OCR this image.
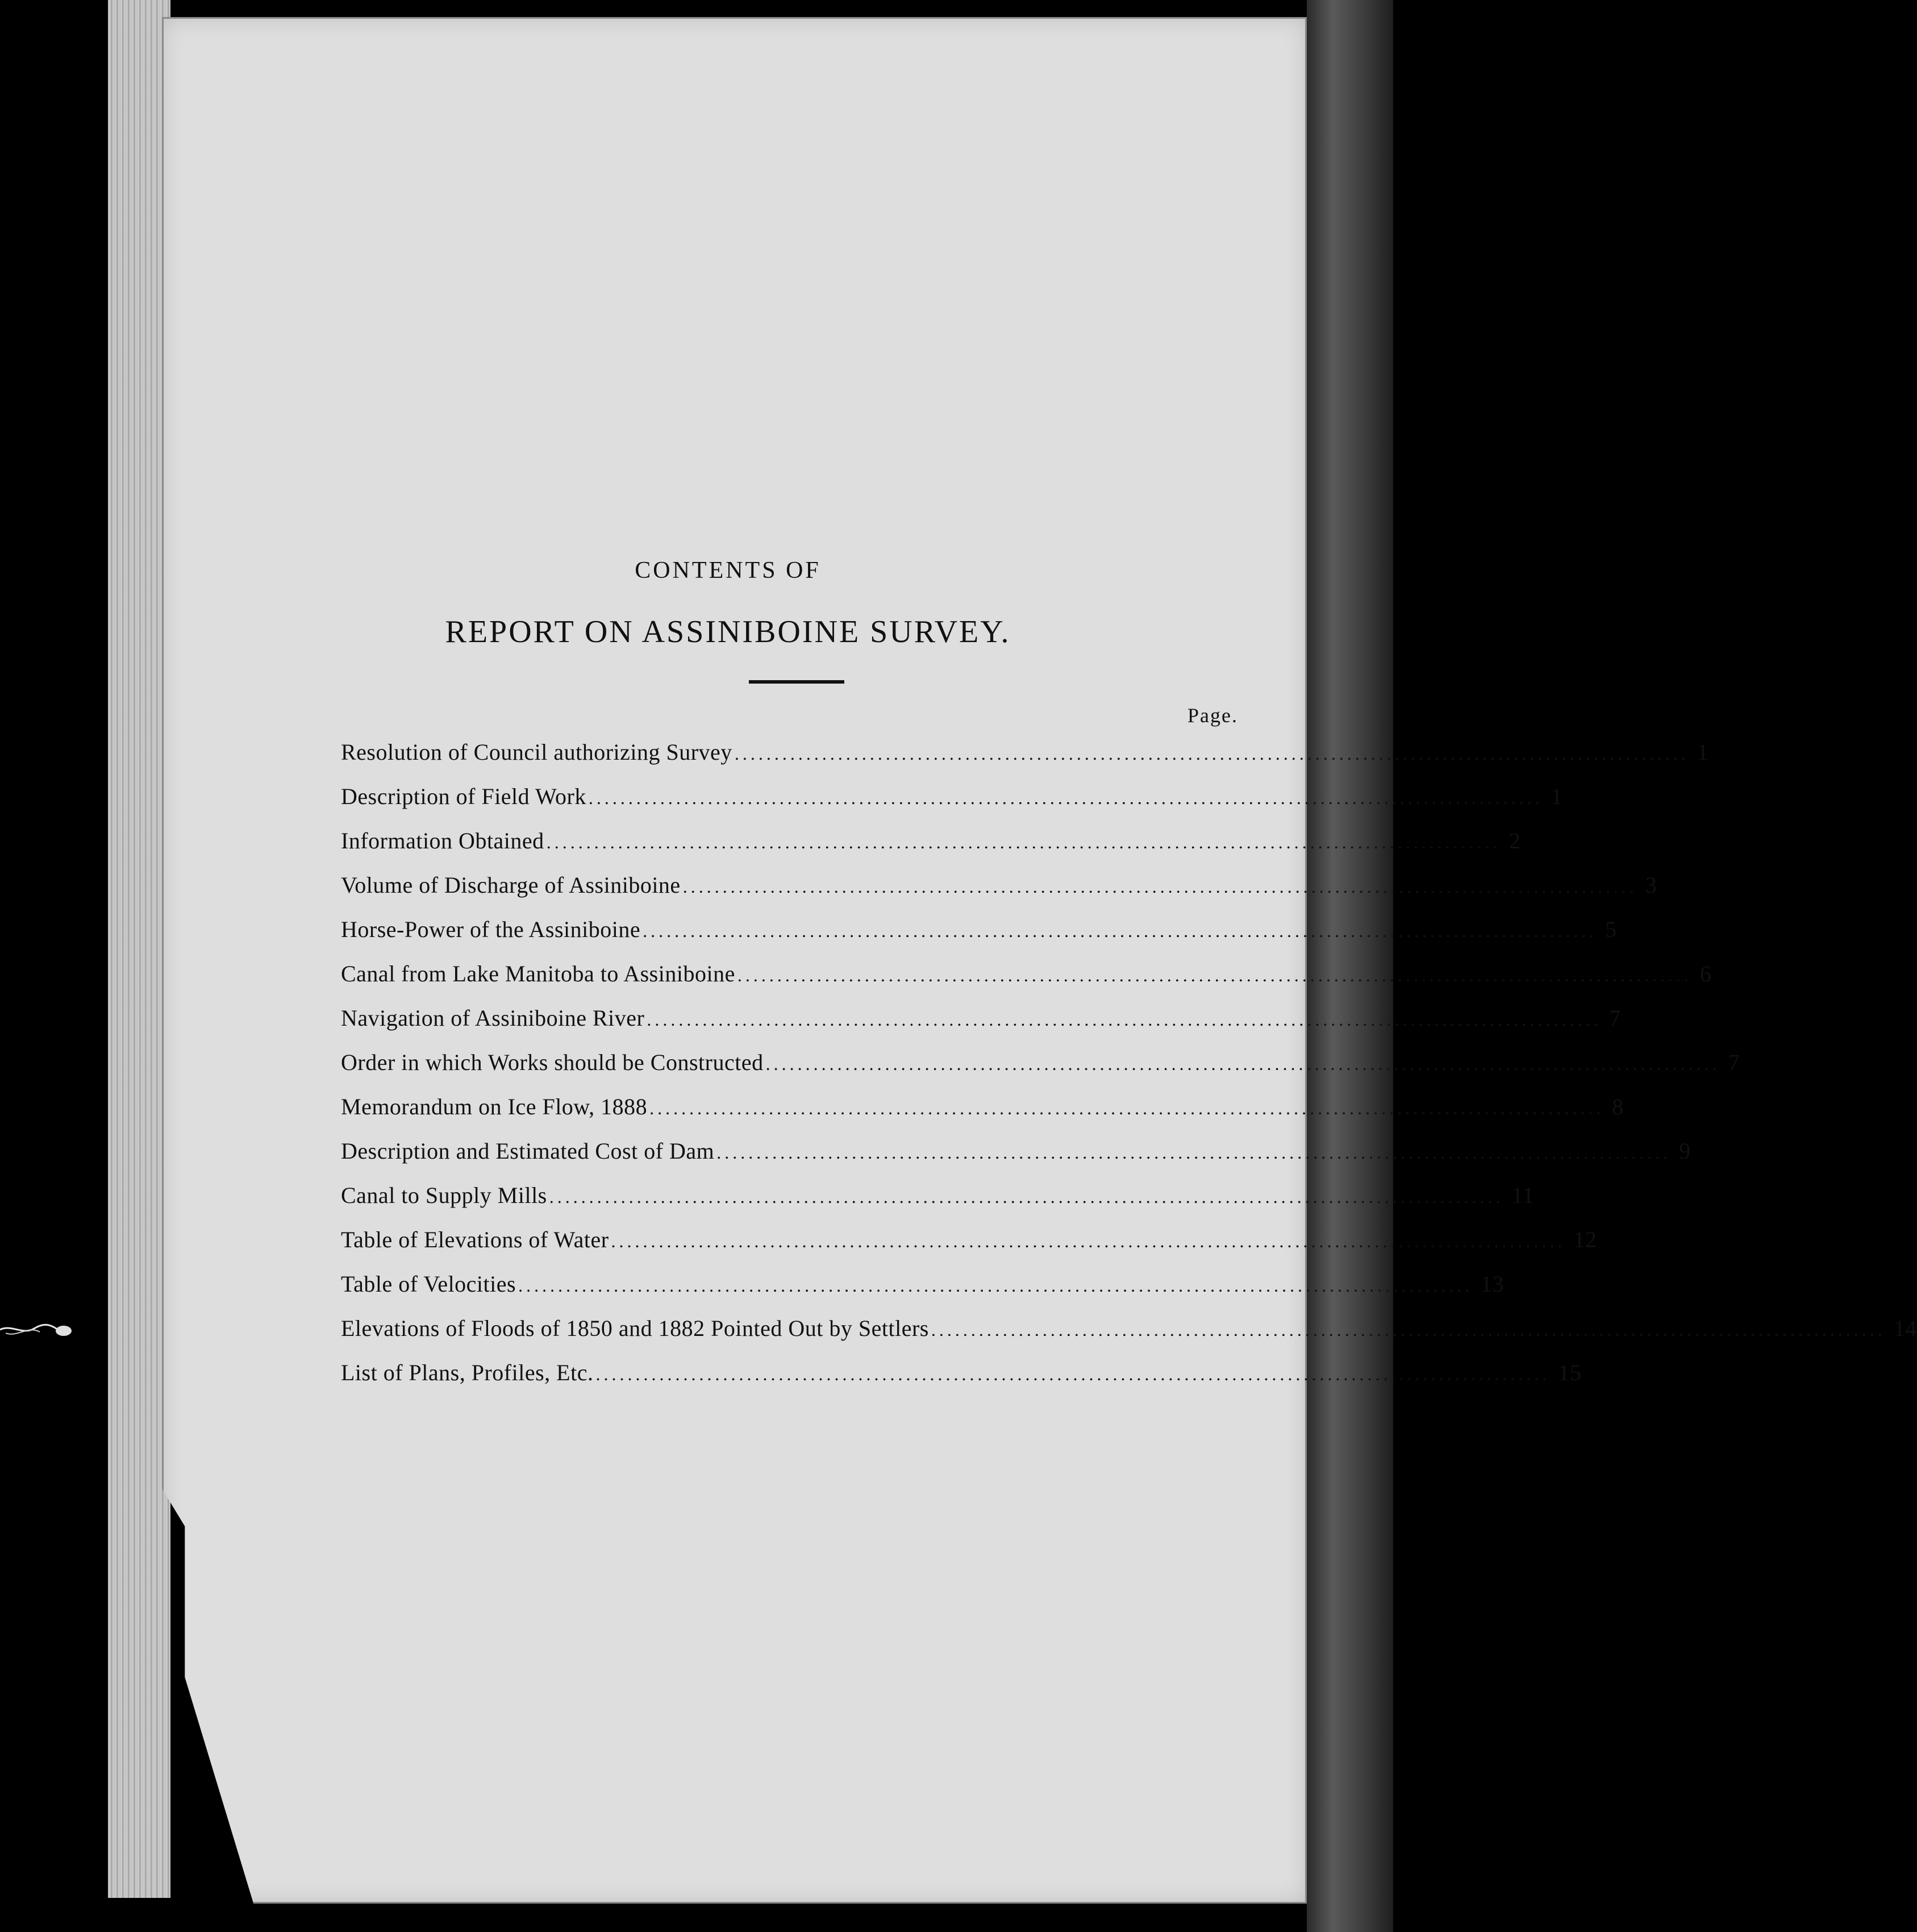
CONTENTS OF
REPORT ON ASSINIBOINE SURVEY.
Page.
Resolution of Council authorizing Survey ........................................................................................................................ 1
Description of Field Work ........................................................................................................................ 1
Information Obtained ........................................................................................................................ 2
Volume of Discharge of Assiniboine ........................................................................................................................ 3
Horse-Power of the Assiniboine ........................................................................................................................ 5
Canal from Lake Manitoba to Assiniboine ........................................................................................................................ 6
Navigation of Assiniboine River ........................................................................................................................ 7
Order in which Works should be Constructed ........................................................................................................................ 7
Memorandum on Ice Flow, 1888 ........................................................................................................................ 8
Description and Estimated Cost of Dam ........................................................................................................................ 9
Canal to Supply Mills ........................................................................................................................ 11
Table of Elevations of Water ........................................................................................................................ 12
Table of Velocities ........................................................................................................................ 13
Elevations of Floods of 1850 and 1882 Pointed Out by Settlers ........................................................................................................................ 14
List of Plans, Profiles, Etc. ........................................................................................................................ 15
